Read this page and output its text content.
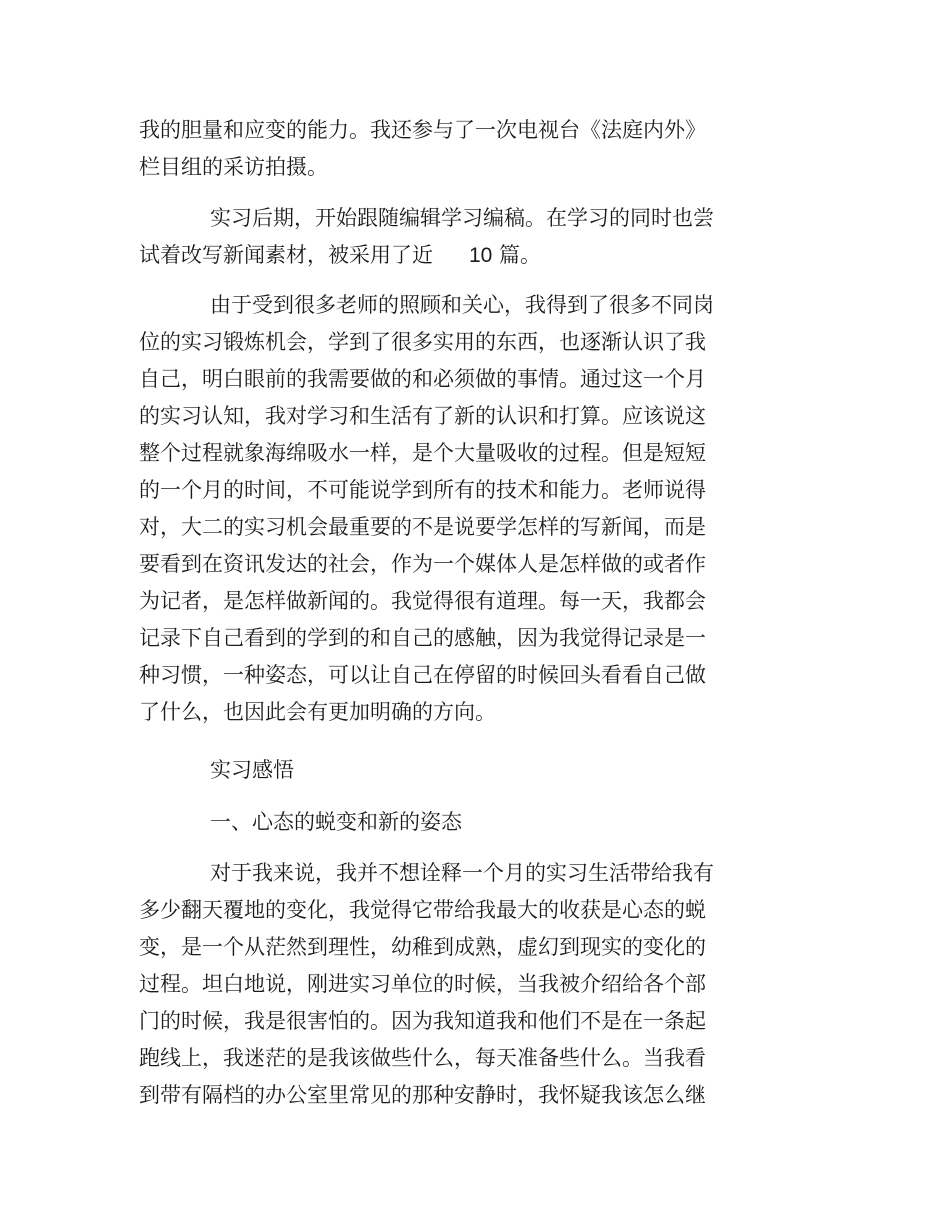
我的胆量和应变的能力。我还参与了一次电视台《法庭内外》
栏目组的采访拍摄。
实习后期，开始跟随编辑学习编稿。在学习的同时也尝
试着改写新闻素材，被采用了近 10 篇。
由于受到很多老师的照顾和关心，我得到了很多不同岗
位的实习锻炼机会，学到了很多实用的东西，也逐渐认识了我
自己，明白眼前的我需要做的和必须做的事情。通过这一个月
的实习认知，我对学习和生活有了新的认识和打算。应该说这
整个过程就象海绵吸水一样，是个大量吸收的过程。但是短短
的一个月的时间，不可能说学到所有的技术和能力。老师说得
对，大二的实习机会最重要的不是说要学怎样的写新闻，而是
要看到在资讯发达的社会，作为一个媒体人是怎样做的或者作
为记者，是怎样做新闻的。我觉得很有道理。每一天，我都会
记录下自己看到的学到的和自己的感触，因为我觉得记录是一
种习惯，一种姿态，可以让自己在停留的时候回头看看自己做
了什么，也因此会有更加明确的方向。
实习感悟
一、心态的蜕变和新的姿态
对于我来说，我并不想诠释一个月的实习生活带给我有
多少翻天覆地的变化，我觉得它带给我最大的收获是心态的蜕
变，是一个从茫然到理性，幼稚到成熟，虚幻到现实的变化的
过程。坦白地说，刚进实习单位的时候，当我被介绍给各个部
门的时候，我是很害怕的。因为我知道我和他们不是在一条起
跑线上，我迷茫的是我该做些什么，每天准备些什么。当我看
到带有隔档的办公室里常见的那种安静时，我怀疑我该怎么继
